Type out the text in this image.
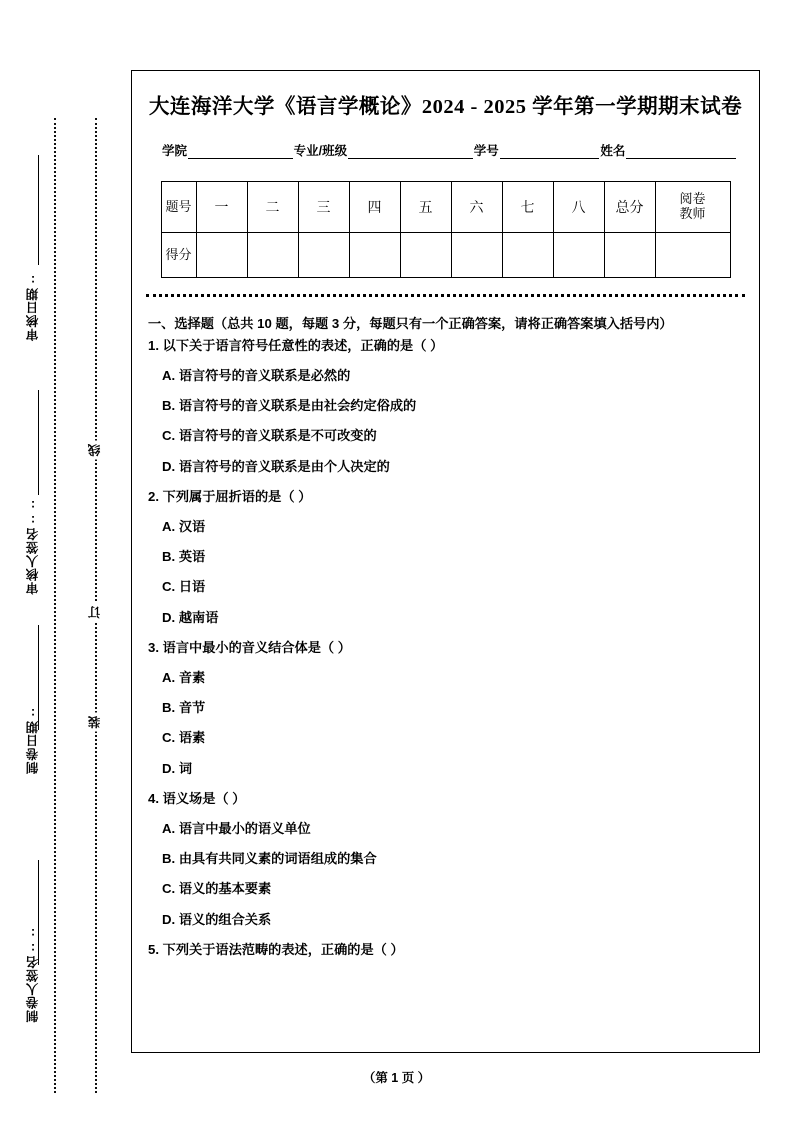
审核日期:
审核人签名::
制卷日期:
制卷人签名::
线
订
装
大连海洋大学《语言学概论》2024 - 2025 学年第一学期期末试卷
学院	专业/班级	学号	姓名
题号	一	二	三	四	五	六	七	八	总分	阅卷
教师

得分										
一、选择题（总共 10 题，每题 3 分，每题只有一个正确答案，请将正确答案填入括号内）
1. 以下关于语言符号任意性的表述，正确的是（ ）
A. 语言符号的音义联系是必然的
B. 语言符号的音义联系是由社会约定俗成的
C. 语言符号的音义联系是不可改变的
D. 语言符号的音义联系是由个人决定的
2. 下列属于屈折语的是（ ）
A. 汉语
B. 英语
C. 日语
D. 越南语
3. 语言中最小的音义结合体是（ ）
A. 音素
B. 音节
C. 语素
D. 词
4. 语义场是（ ）
A. 语言中最小的语义单位
B. 由具有共同义素的词语组成的集合
C. 语义的基本要素
D. 语义的组合关系
5. 下列关于语法范畴的表述，正确的是（ ）
（第 1 页 ）
